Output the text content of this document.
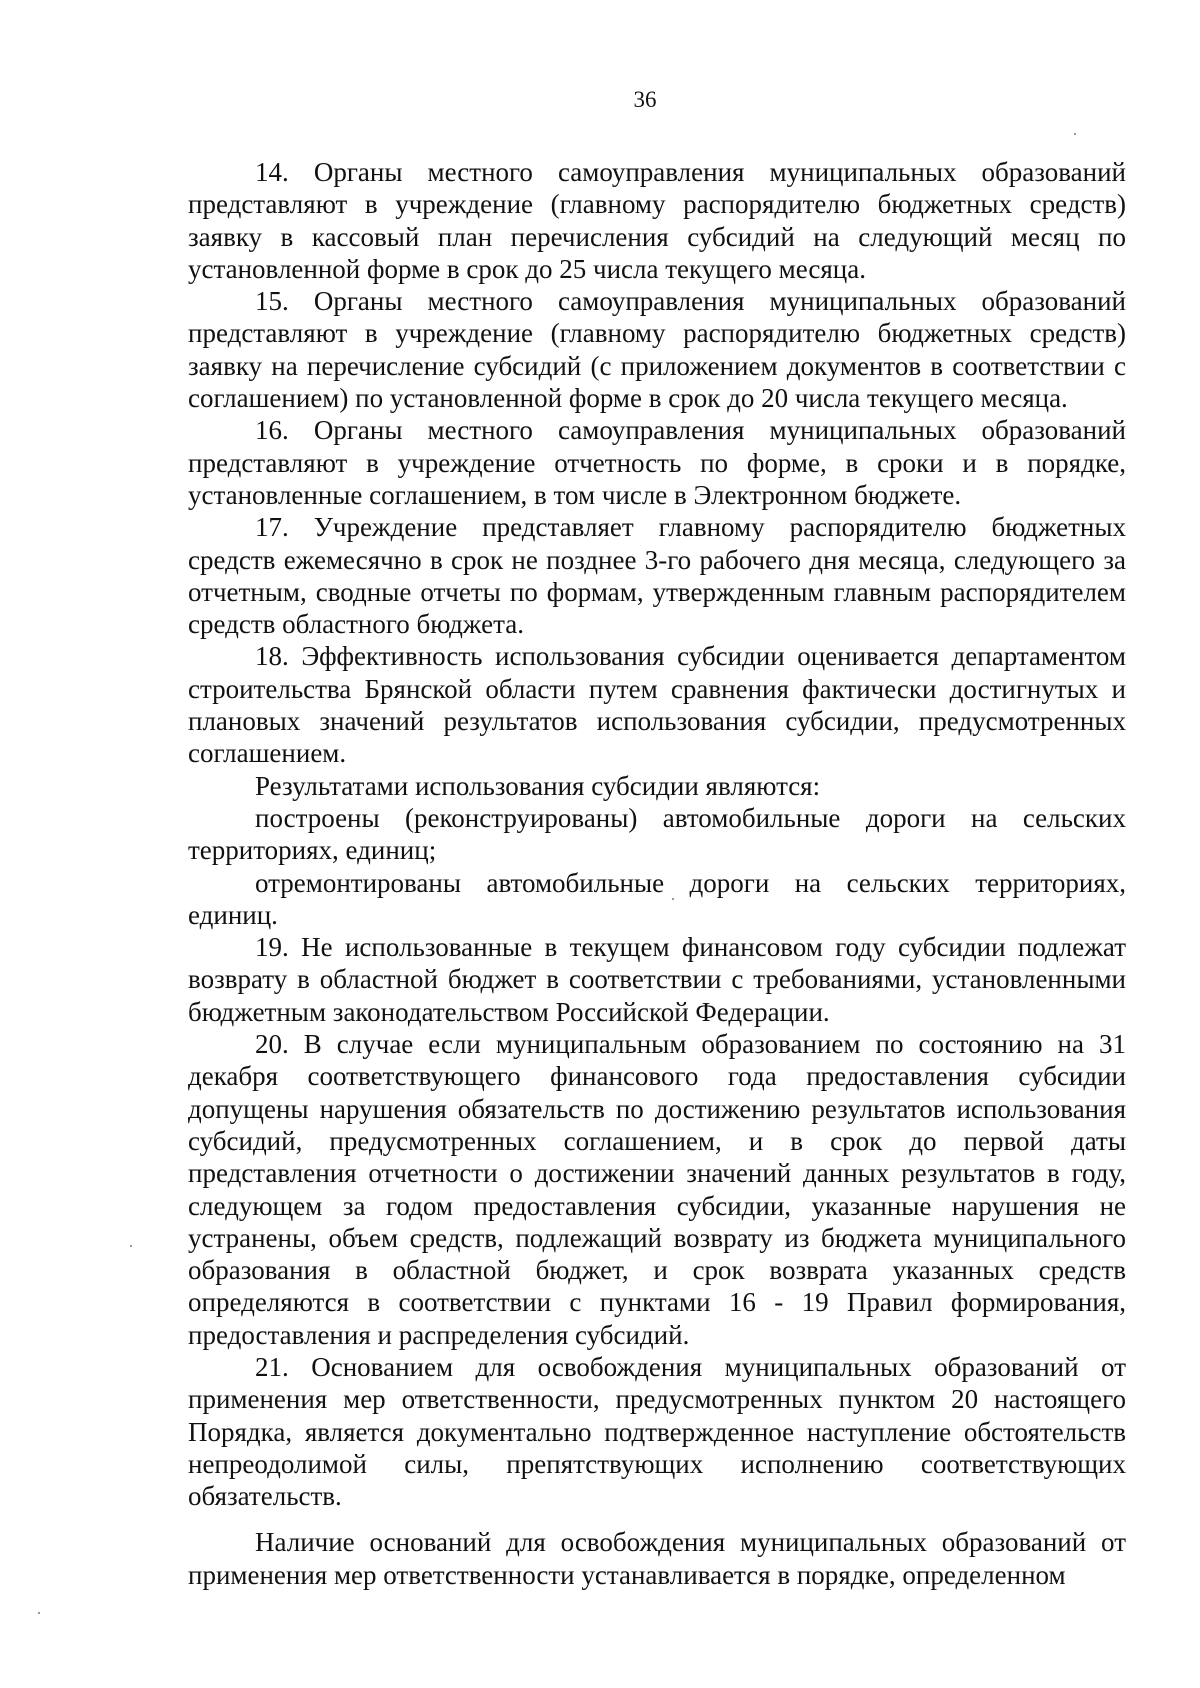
36

14. Органы местного самоуправления муниципальных образований представляют в учреждение (главному распорядителю бюджетных средств) заявку в кассовый план перечисления субсидий на следующий месяц по установленной форме в срок до 25 числа текущего месяца.

15. Органы местного самоуправления муниципальных образований представляют в учреждение (главному распорядителю бюджетных средств) заявку на перечисление субсидий (с приложением документов в соответствии с соглашением) по установленной форме в срок до 20 числа текущего месяца.

16. Органы местного самоуправления муниципальных образований представляют в учреждение отчетность по форме, в сроки и в порядке, установленные соглашением, в том числе в Электронном бюджете.

17. Учреждение представляет главному распорядителю бюджетных средств ежемесячно в срок не позднее 3-го рабочего дня месяца, следующего за отчетным, сводные отчеты по формам, утвержденным главным распорядителем средств областного бюджета.

18. Эффективность использования субсидии оценивается департаментом строительства Брянской области путем сравнения фактически достигнутых и плановых значений результатов использования субсидии, предусмотренных соглашением.

Результатами использования субсидии являются:

построены (реконструированы) автомобильные дороги на сельских территориях, единиц;

отремонтированы автомобильные дороги на сельских территориях, единиц.

19. Не использованные в текущем финансовом году субсидии подлежат возврату в областной бюджет в соответствии с требованиями, установленными бюджетным законодательством Российской Федерации.

20. В случае если муниципальным образованием по состоянию на 31 декабря соответствующего финансового года предоставления субсидии допущены нарушения обязательств по достижению результатов использования субсидий, предусмотренных соглашением, и в срок до первой даты представления отчетности о достижении значений данных результатов в году, следующем за годом предоставления субсидии, указанные нарушения не устранены, объем средств, подлежащий возврату из бюджета муниципального образования в областной бюджет, и срок возврата указанных средств определяются в соответствии с пунктами 16 - 19 Правил формирования, предоставления и распределения субсидий.

21. Основанием для освобождения муниципальных образований от применения мер ответственности, предусмотренных пунктом 20 настоящего Порядка, является документально подтвержденное наступление обстоятельств непреодолимой силы, препятствующих исполнению соответствующих обязательств.

Наличие оснований для освобождения муниципальных образований от применения мер ответственности устанавливается в порядке, определенном
